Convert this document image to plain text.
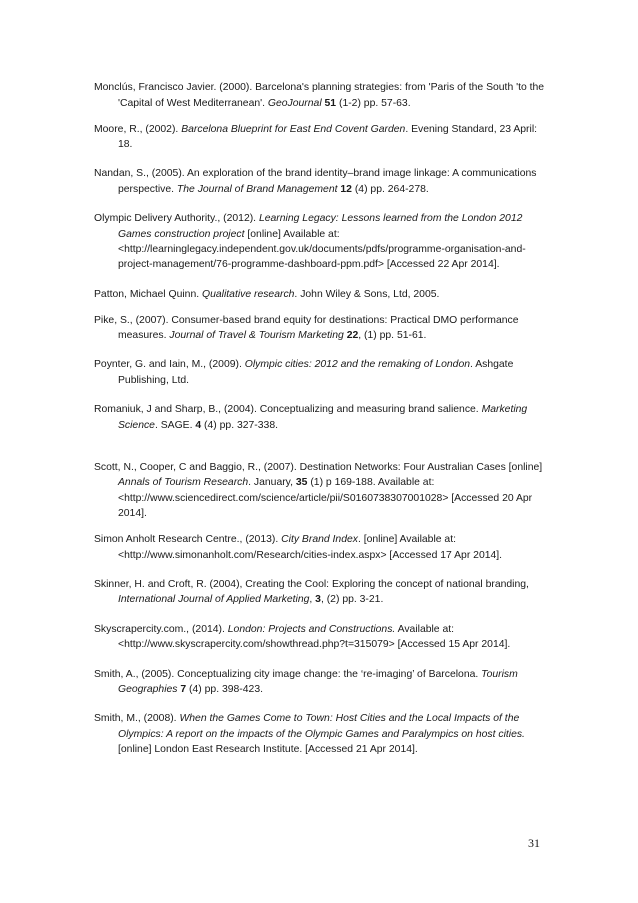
Monclús, Francisco Javier. (2000). Barcelona's planning strategies: from 'Paris of the South 'to the 'Capital of West Mediterranean'. GeoJournal 51 (1-2) pp. 57-63.

Moore, R., (2002). Barcelona Blueprint for East End Covent Garden. Evening Standard, 23 April: 18.

Nandan, S., (2005). An exploration of the brand identity–brand image linkage: A communications perspective. The Journal of Brand Management 12 (4) pp. 264-278.

Olympic Delivery Authority., (2012). Learning Legacy: Lessons learned from the London 2012 Games construction project [online] Available at: <http://learninglegacy.independent.gov.uk/documents/pdfs/programme-organisation-and-project-management/76-programme-dashboard-ppm.pdf> [Accessed 22 Apr 2014].

Patton, Michael Quinn. Qualitative research. John Wiley & Sons, Ltd, 2005.

Pike, S., (2007). Consumer-based brand equity for destinations: Practical DMO performance measures. Journal of Travel & Tourism Marketing 22, (1) pp. 51-61.

Poynter, G. and Iain, M., (2009). Olympic cities: 2012 and the remaking of London. Ashgate Publishing, Ltd.

Romaniuk, J and Sharp, B., (2004). Conceptualizing and measuring brand salience. Marketing Science. SAGE. 4 (4) pp. 327-338.

Scott, N., Cooper, C and Baggio, R., (2007). Destination Networks: Four Australian Cases [online] Annals of Tourism Research. January, 35 (1) p 169-188. Available at: <http://www.sciencedirect.com/science/article/pii/S0160738307001028> [Accessed 20 Apr 2014].

Simon Anholt Research Centre., (2013). City Brand Index. [online] Available at: <http://www.simonanholt.com/Research/cities-index.aspx> [Accessed 17 Apr 2014].

Skinner, H. and Croft, R. (2004), Creating the Cool: Exploring the concept of national branding, International Journal of Applied Marketing, 3, (2) pp. 3-21.

Skyscrapercity.com., (2014). London: Projects and Constructions. Available at: <http://www.skyscrapercity.com/showthread.php?t=315079> [Accessed 15 Apr 2014].

Smith, A., (2005). Conceptualizing city image change: the ‘re-imaging’ of Barcelona. Tourism Geographies 7 (4) pp. 398-423.

Smith, M., (2008). When the Games Come to Town: Host Cities and the Local Impacts of the Olympics: A report on the impacts of the Olympic Games and Paralympics on host cities. [online] London East Research Institute. [Accessed 21 Apr 2014].

31
